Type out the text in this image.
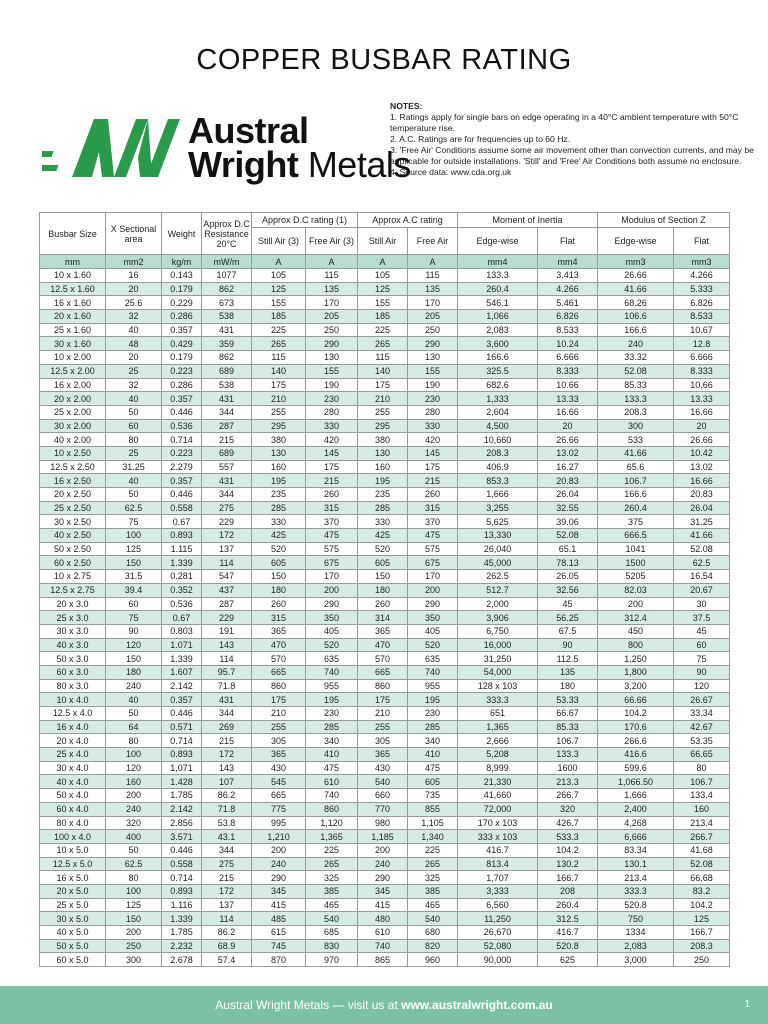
COPPER BUSBAR RATING
Austral
Wright Metals
NOTES:
1. Ratings apply for single bars on edge operating in a 40°C ambient temperature with 50°C temperature rise.
2. A.C. Ratings are for frequencies up to 60 Hz.
3. 'Free Air' Conditions assume some air movement other than convection currents, and may be applicable for outside installations. 'Still' and 'Free' Air Conditions both assume no enclosure.
4. Source data: www.cda.org.uk
Busbar Size	X Sectional area	Weight	Approx D.C Resistance 20°C	Approx D.C rating (1)		Approx A.C rating		Moment of Inertia		Modulus of Section Z	
				Still Air (3)	Free Air (3)	Still Air	Free Air	Edge-wise	Flat	Edge-wise	Flat
mm	mm2	kg/m	mW/m	A	A	A	A	mm4	mm4	mm3	mm3
10 x 1.60	16	0.143	1077	105	115	105	115	133.3	3.413	26.66	4.266
12.5 x 1.60	20	0.179	862	125	135	125	135	260.4	4.266	41.66	5.333
16 x 1.60	25.6	0.229	673	155	170	155	170	546.1	5.461	68.26	6.826
20 x 1.60	32	0.286	538	185	205	185	205	1,066	6.826	106.6	8.533
25 x 1.60	40	0.357	431	225	250	225	250	2,083	8.533	166.6	10.67
30 x 1.60	48	0.429	359	265	290	265	290	3,600	10.24	240	12.8
10 x 2.00	20	0.179	862	115	130	115	130	166.6	6.666	33.32	6.666
12.5 x 2.00	25	0.223	689	140	155	140	155	325.5	8.333	52.08	8.333
16 x 2.00	32	0.286	538	175	190	175	190	682.6	10.66	85.33	10.66
20 x 2.00	40	0.357	431	210	230	210	230	1,333	13.33	133.3	13.33
25 x 2.00	50	0.446	344	255	280	255	280	2,604	16.66	208.3	16.66
30 x 2.00	60	0.536	287	295	330	295	330	4,500	20	300	20
40 x 2.00	80	0.714	215	380	420	380	420	10,660	26.66	533	26.66
10 x 2.50	25	0.223	689	130	145	130	145	208.3	13.02	41.66	10.42
12.5 x 2.50	31.25	2.279	557	160	175	160	175	406.9	16.27	65.6	13.02
16 x 2.50	40	0.357	431	195	215	195	215	853.3	20.83	106.7	16.66
20 x 2.50	50	0.446	344	235	260	235	260	1,666	26.04	166.6	20.83
25 x 2.50	62.5	0.558	275	285	315	285	315	3,255	32.55	260.4	26.04
30 x 2.50	75	0.67	229	330	370	330	370	5,625	39.06	375	31.25
40 x 2.50	100	0.893	172	425	475	425	475	13,330	52.08	666.5	41.66
50 x 2.50	125	1.115	137	520	575	520	575	26,040	65.1	1041	52.08
60 x 2.50	150	1.339	114	605	675	605	675	45,000	78.13	1500	62.5
10 x 2.75	31.5	0.281	547	150	170	150	170	262.5	26.05	5205	16.54
12.5 x 2.75	39.4	0.352	437	180	200	180	200	512.7	32.56	82.03	20.67
20 x 3.0	60	0.536	287	260	290	260	290	2,000	45	200	30
25 x 3.0	75	0.67	229	315	350	314	350	3,906	56.25	312.4	37.5
30 x 3.0	90	0.803	191	365	405	365	405	6,750	67.5	450	45
40 x 3.0	120	1.071	143	470	520	470	520	16,000	90	800	60
50 x 3.0	150	1.339	114	570	635	570	635	31,250	112.5	1,250	75
60 x 3.0	180	1.607	95.7	665	740	665	740	54,000	135	1,800	90
80 x 3.0	240	2.142	71.8	860	955	860	955	128 x 103	180	3,200	120
10 x 4.0	40	0.357	431	175	195	175	195	333.3	53.33	66.66	26.67
12.5 x 4.0	50	0.446	344	210	230	210	230	651	66.67	104.2	33.34
16 x 4.0	64	0.571	269	255	285	255	285	1,365	85.33	170.6	42.67
20 x 4.0	80	0.714	215	305	340	305	340	2,666	106.7	266.6	53.35
25 x 4.0	100	0.893	172	365	410	365	410	5,208	133.3	416.6	66.65
30 x 4.0	120	1,071	143	430	475	430	475	8,999	1600	599.6	80
40 x 4.0	160	1.428	107	545	610	540	605	21,330	213.3	1,066.50	106.7
50 x 4.0	200	1.785	86.2	665	740	660	735	41,660	266.7	1,666	133.4
60 x 4.0	240	2.142	71.8	775	860	770	855	72,000	320	2,400	160
80 x 4.0	320	2.856	53.8	995	1,120	980	1,105	170 x 103	426.7	4,268	213.4
100 x 4.0	400	3.571	43.1	1,210	1,365	1,185	1,340	333 x 103	533.3	6,666	266.7
10 x 5.0	50	0.446	344	200	225	200	225	416.7	104.2	83.34	41.68
12.5 x 5.0	62.5	0.558	275	240	265	240	265	813.4	130.2	130.1	52.08
16 x 5.0	80	0.714	215	290	325	290	325	1,707	166.7	213.4	66.68
20 x 5.0	100	0.893	172	345	385	345	385	3,333	208	333.3	83.2
25 x 5.0	125	1.116	137	415	465	415	465	6,560	260.4	520.8	104.2
30 x 5.0	150	1.339	114	485	540	480	540	11,250	312.5	750	125
40 x 5.0	200	1.785	86.2	615	685	610	680	26,670	416.7	1334	166.7
50 x 5.0	250	2.232	68.9	745	830	740	820	52,080	520.8	2,083	208.3
60 x 5.0	300	2.678	57.4	870	970	865	960	90,000	625	3,000	250
Austral Wright Metals — visit us at www.australwright.com.au	1
